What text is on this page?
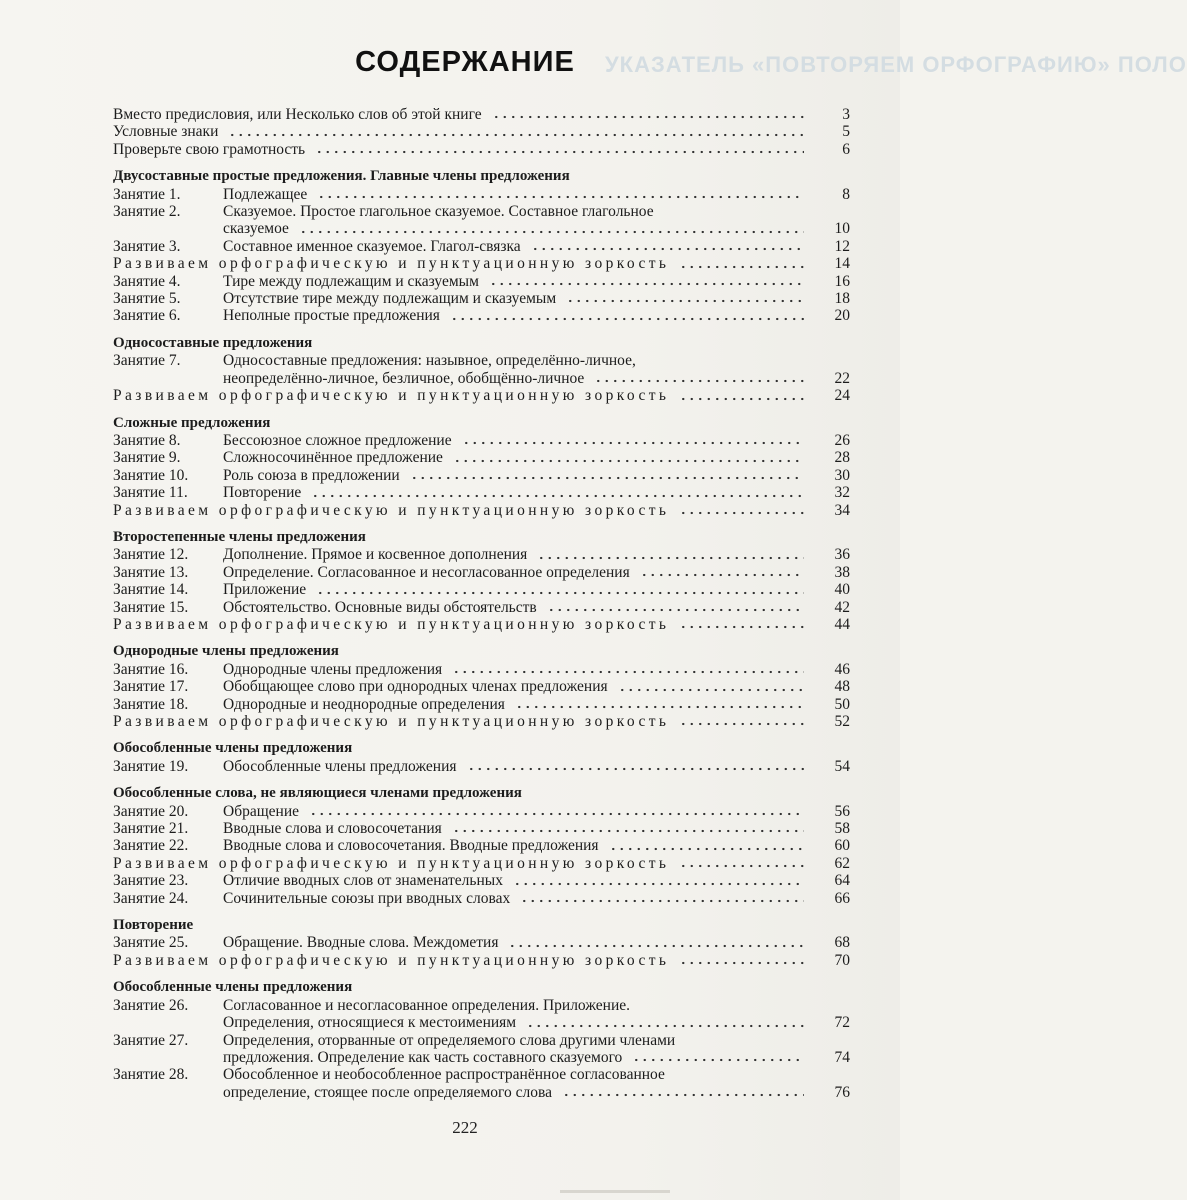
УКАЗАТЕЛЬ «ПОВТОРЯЕМ ОРФОГРАФИЮ» ПОЛО
СОДЕРЖАНИЕ
Вместо предисловия, или Несколько слов об этой книге	3
Условные знаки	5
Проверьте свою грамотность	6
Двусоставные простые предложения. Главные члены предложения
Занятие 1.	Подлежащее	8
Занятие 2.	Сказуемое. Простое глагольное сказуемое. Составное глагольное
сказуемое	10
Занятие 3.	Составное именное сказуемое. Глагол-связка	12
Развиваем орфографическую и пунктуационную зоркость	14
Занятие 4.	Тире между подлежащим и сказуемым	16
Занятие 5.	Отсутствие тире между подлежащим и сказуемым	18
Занятие 6.	Неполные простые предложения	20
Односоставные предложения
Занятие 7.	Односоставные предложения: назывное, определённо-личное,
неопределённо-личное, безличное, обобщённо-личное	22
Развиваем орфографическую и пунктуационную зоркость	24
Сложные предложения
Занятие 8.	Бессоюзное сложное предложение	26
Занятие 9.	Сложносочинённое предложение	28
Занятие 10.	Роль союза в предложении	30
Занятие 11.	Повторение	32
Развиваем орфографическую и пунктуационную зоркость	34
Второстепенные члены предложения
Занятие 12.	Дополнение. Прямое и косвенное дополнения	36
Занятие 13.	Определение. Согласованное и несогласованное определения	38
Занятие 14.	Приложение	40
Занятие 15.	Обстоятельство. Основные виды обстоятельств	42
Развиваем орфографическую и пунктуационную зоркость	44
Однородные члены предложения
Занятие 16.	Однородные члены предложения	46
Занятие 17.	Обобщающее слово при однородных членах предложения	48
Занятие 18.	Однородные и неоднородные определения	50
Развиваем орфографическую и пунктуационную зоркость	52
Обособленные члены предложения
Занятие 19.	Обособленные члены предложения	54
Обособленные слова, не являющиеся членами предложения
Занятие 20.	Обращение	56
Занятие 21.	Вводные слова и словосочетания	58
Занятие 22.	Вводные слова и словосочетания. Вводные предложения	60
Развиваем орфографическую и пунктуационную зоркость	62
Занятие 23.	Отличие вводных слов от знаменательных	64
Занятие 24.	Сочинительные союзы при вводных словах	66
Повторение
Занятие 25.	Обращение. Вводные слова. Междометия	68
Развиваем орфографическую и пунктуационную зоркость	70
Обособленные члены предложения
Занятие 26.	Согласованное и несогласованное определения. Приложение.
Определения, относящиеся к местоимениям	72
Занятие 27.	Определения, оторванные от определяемого слова другими членами
предложения. Определение как часть составного сказуемого	74
Занятие 28.	Обособленное и необособленное распространённое согласованное
определение, стоящее после определяемого слова	76
222
